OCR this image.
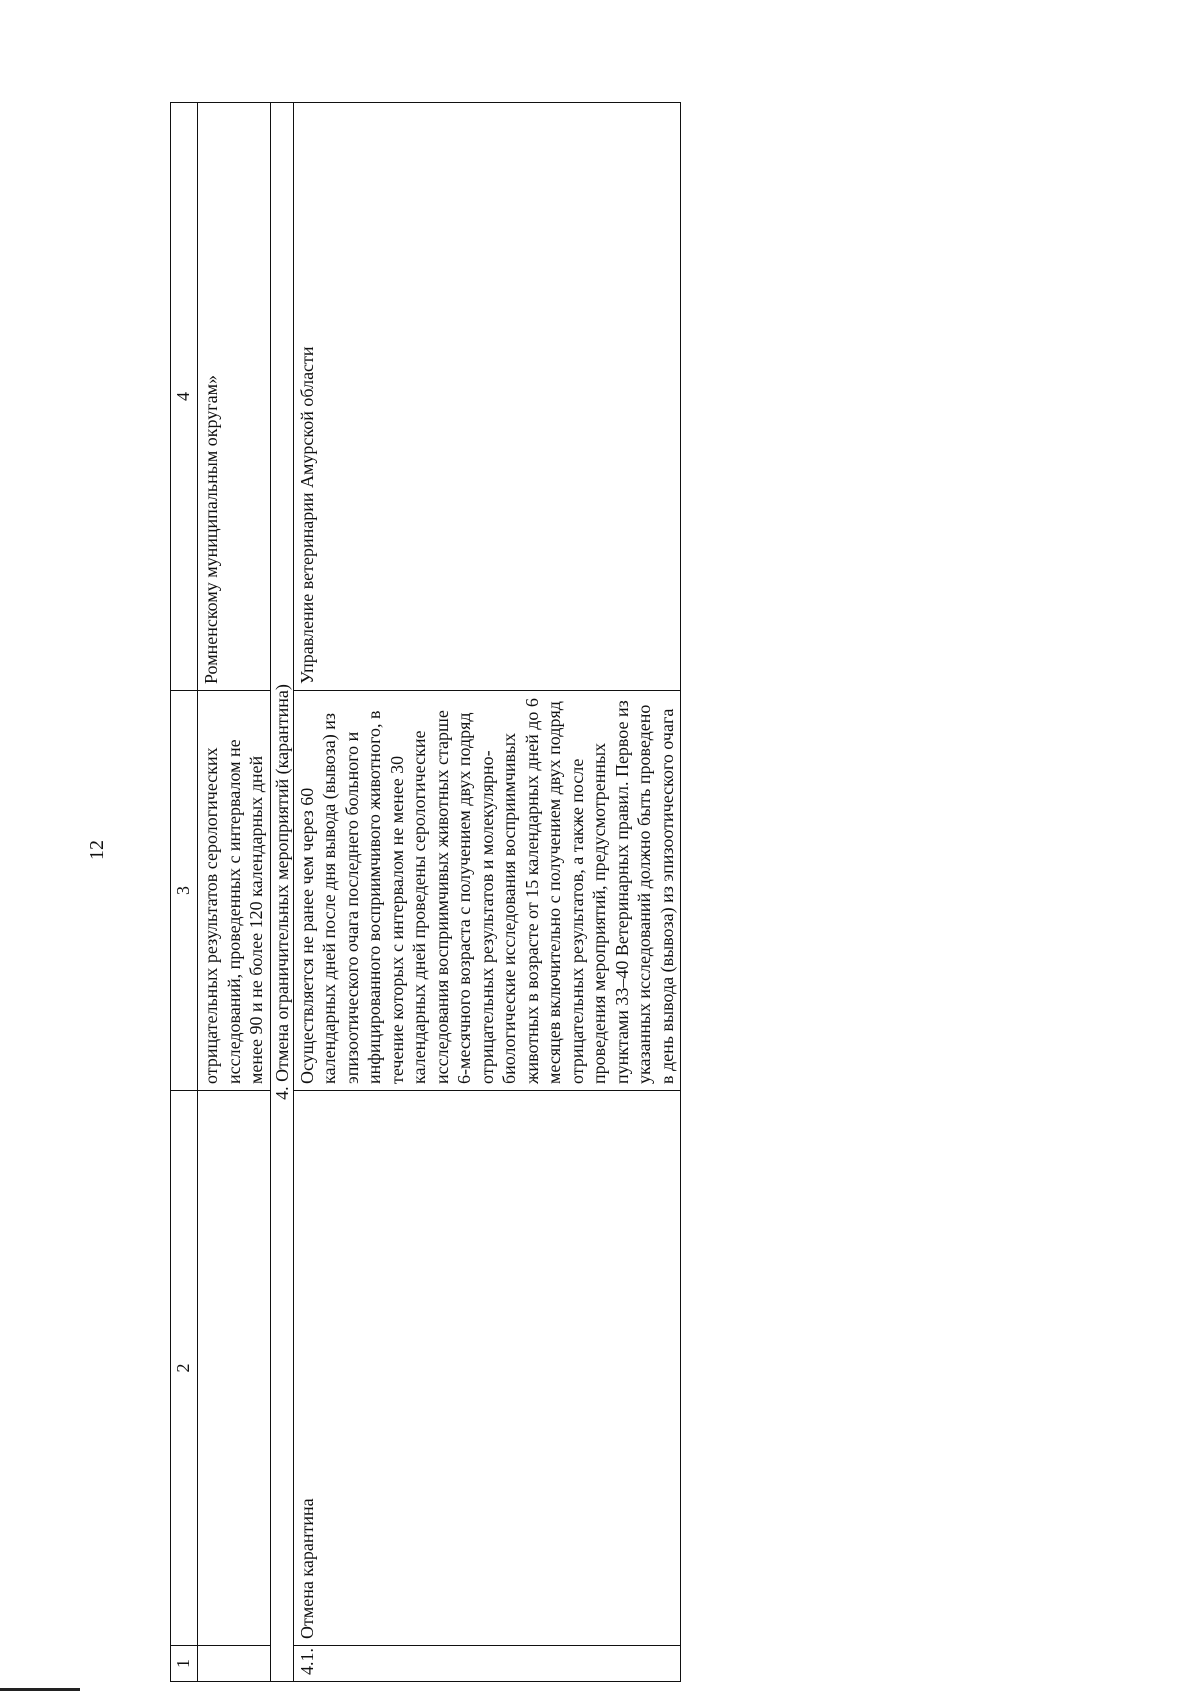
12
1	2	3	4
		отрицательных результатов серологических исследований, проведенных с интервалом не менее 90 и не более 120 календарных дней	Ромненскому муниципальным округам»
4. Отмена ограничительных мероприятий (карантина)			
4.1.	Отмена карантина	Осуществляется не ранее чем через 60 календарных дней после дня вывода (вывоза) из эпизоотического очага последнего больного и инфицированного восприимчивого животного, в течение которых с интервалом не менее 30 календарных дней проведены серологические исследования восприимчивых животных старше 6-месячного возраста с получением двух подряд отрицательных результатов и молекулярно-биологические исследования восприимчивых животных в возрасте от 15 календарных дней до 6 месяцев включительно с получением двух подряд отрицательных результатов, а также после проведения мероприятий, предусмотренных пунктами 33–40 Ветеринарных правил. Первое из указанных исследований должно быть проведено в день вывода (вывоза) из эпизоотического очага	Управление ветеринарии Амурской области
